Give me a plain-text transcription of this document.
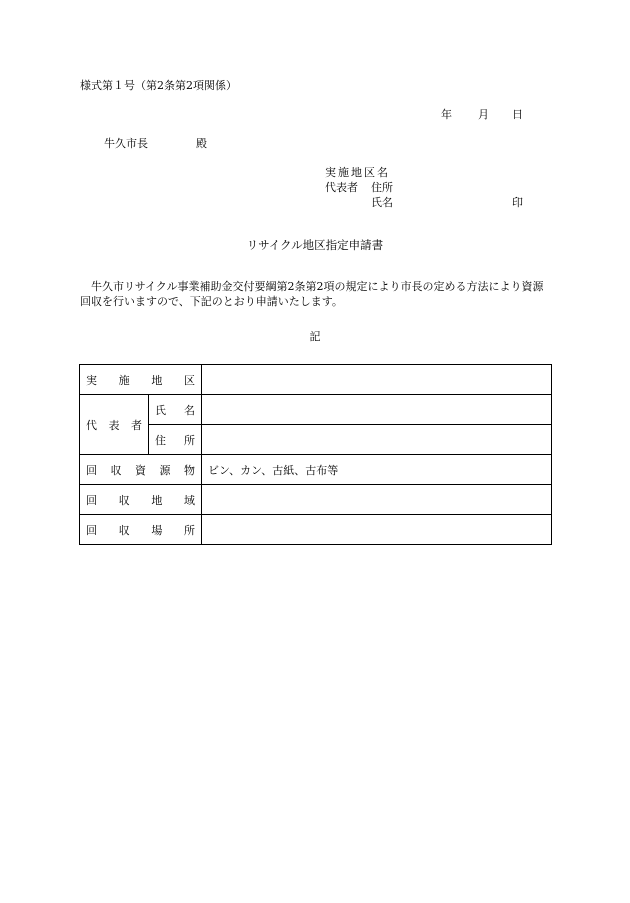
様式第１号（第2条第2項関係）
年 月 日
牛久市長	殿
実施地区名
代表者 住所
氏名	印
リサイクル地区指定申請書
牛久市リサイクル事業補助金交付要綱第2条第2項の規定により市長の定める方法により資源回収を行いますので、下記のとおり申請いたします。
記
実 施 地 区		

代 表 者	氏 名	

	住 所	

回 収 資 源 物		ビン、カン、古紙、古布等

回 収 地 域		

回 収 場 所		
